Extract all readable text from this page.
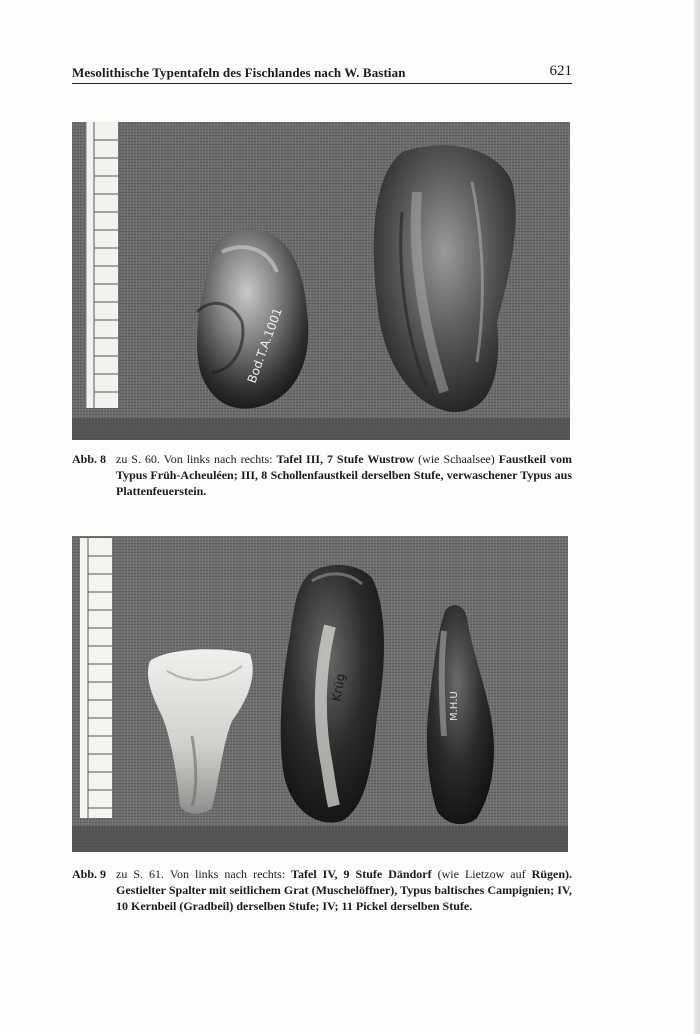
Mesolithische Typentafeln des Fischlandes nach W. Bastian	621
Bod.T.A.1001
Abb. 8 zu S. 60. Von links nach rechts: Tafel III, 7 Stufe Wustrow (wie Schaalsee) Faustkeil vom Typus Früh-Acheuléen; III, 8 Schollenfaustkeil derselben Stufe, verwaschener Typus aus Plattenfeuerstein.
Krüg
M.H.U
Abb. 9 zu S. 61. Von links nach rechts: Tafel IV, 9 Stufe Dändorf (wie Lietzow auf Rügen). Gestielter Spalter mit seitlichem Grat (Muschelöffner), Typus baltisches Campignien; IV, 10 Kernbeil (Gradbeil) derselben Stufe; IV; 11 Pickel derselben Stufe.
